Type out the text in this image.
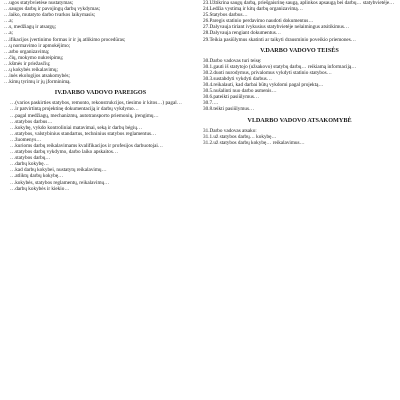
…ugos statybvietėse nustatymas;

…saugos darbų ir pavojingų darbų vykdymas;

…laiko, mutatyto darbo tvarkos laikymasis;

…a;

…s, medžiagų ir atsargų;

…a;

…ifikacijos įvertinimo formas ir ir jų atlikimo procedūras;

…ų normavimo ir apmokėjimo;

…arbo organizavimą;

…čių, mokymo nukreipimų;

…kšmės ir priežasčių;

…ų kokybės reikalavimų;

…inės ekologijos atsakomybės;

…kimų tyrimų ir jų įforminimą.

IV.DARBO VADOVO PAREIGOS

…(varios paskirties statybos, remonto, rekonstrukcijos, tiesimo ir kitos…) pagal…

…ir patvirtintą projektinę dokumentaciją ir darbų vykdymo…

…pagal medžiagų, mechanizmų, autotransporto priemonių, įrengimų…

…statybos darbus…

…kokybę, vykdo kontroliniai matavimai, seką ir darbų bėgių…

…statybos, valstybinius standartus, techninius statybos reglamentus…

…žuomenys…

…kurioms darbų reikalavimams kvalifikacijos ir profesijos darbuotojai…

…statybos darbų vykdymo, darbo laiko apskaitos…

…statybos darbų…

…darbų kokybę…

…kad darbų kokybei, nustatytų reikalavimų…

…atliktų darbų kokybę…

…kokybės, statybos reglamentų, reikalavimų…

…darbų kokybės ir kiekio…

23.Užtikrina saugų darbą, priešgaisrinę saugą, aplinkos apsaugą bei darbų… statybvietėje…

24.Ledžia vystimą ir kitų darbų organizavimą…

25.Statybos darbus…

26.Paregis statinio perdavimo naudoti dokumentus…

27.Dalyvauja tiriant ivykusius statybvietėje nelaimingus atsitikimus…

28.Dalyvauja rengiant dokumentus…

29.Teikia pasiūlymus skatinti ar taikyti drausminio poveikio priemones…

V.DARBO VADOVO TEISĖS

30.Darbo vadovas turi teisę:

30.1.gauti iš statytojo (užsakovo) statybų darbų… reikiamą informaciją…

30.2.duoti nurodymus, privalomus vykdyti statinio statybos…

30.3.sustabdyti vykdyti darbus…

30.4.reikalauti, kad darbai būtų vykdomi pagal projektą…

30.5.nušalinti nuo darbo asmenis…

30.6.pateikti pasiūlymus…

30.7.…

30.8.teikti pasiūlymus…

VI.DARBO VADOVO ATSAKOMYBĖ

31.Darbo vadovas atsako:

31.1.už statybos darbų… kokybę…

31.2.už statybos darbų kokybę… reikalavimus…
